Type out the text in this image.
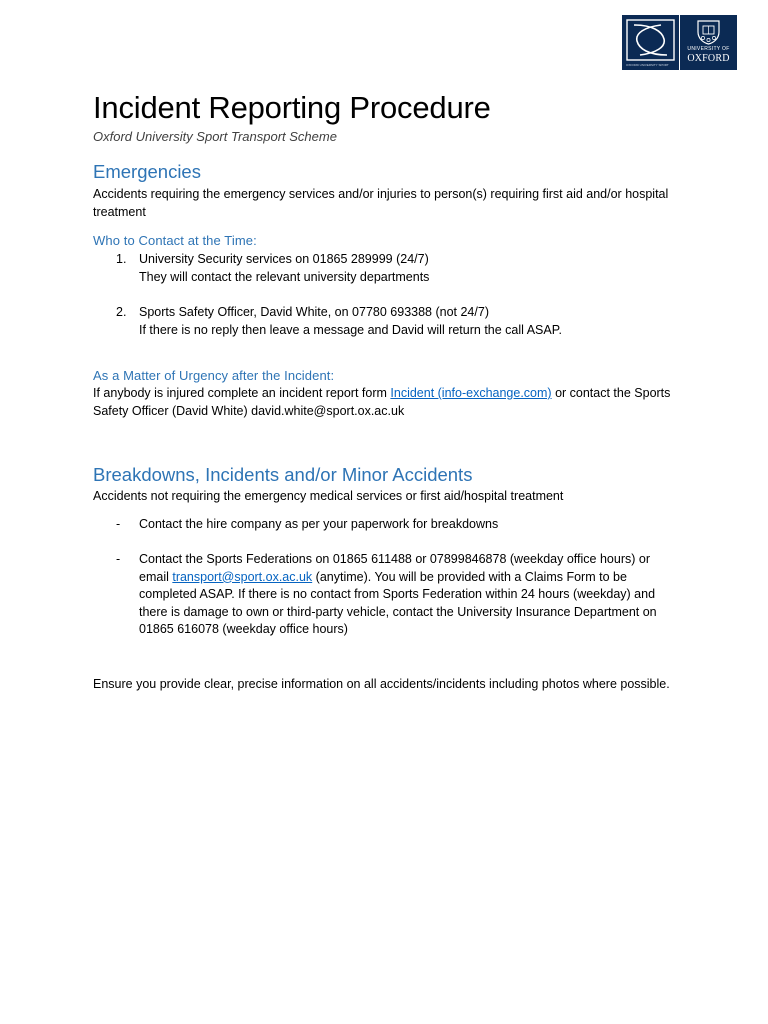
OXFORD UNIVERSITY SPORT
UNIVERSITY OF
OXFORD
Incident Reporting Procedure

Oxford University Sport Transport Scheme

Emergencies

Accidents requiring the emergency services and/or injuries to person(s) requiring first aid and/or hospital treatment

Who to Contact at the Time:
1. University Security services on 01865 289999 (24/7)
They will contact the relevant university departments
2. Sports Safety Officer, David White, on 07780 693388 (not 24/7)
If there is no reply then leave a message and David will return the call ASAP.
As a Matter of Urgency after the Incident:

If anybody is injured complete an incident report form Incident (info-exchange.com) or contact the Sports Safety Officer (David White) david.white@sport.ox.ac.uk

Breakdowns, Incidents and/or Minor Accidents

Accidents not requiring the emergency medical services or first aid/hospital treatment

- Contact the hire company as per your paperwork for breakdowns
- Contact the Sports Federations on 01865 611488 or 07899846878 (weekday office hours) or email transport@sport.ox.ac.uk (anytime). You will be provided with a Claims Form to be completed ASAP. If there is no contact from Sports Federation within 24 hours (weekday) and there is damage to own or third-party vehicle, contact the University Insurance Department on 01865 616078 (weekday office hours)

Ensure you provide clear, precise information on all accidents/incidents including photos where possible.
